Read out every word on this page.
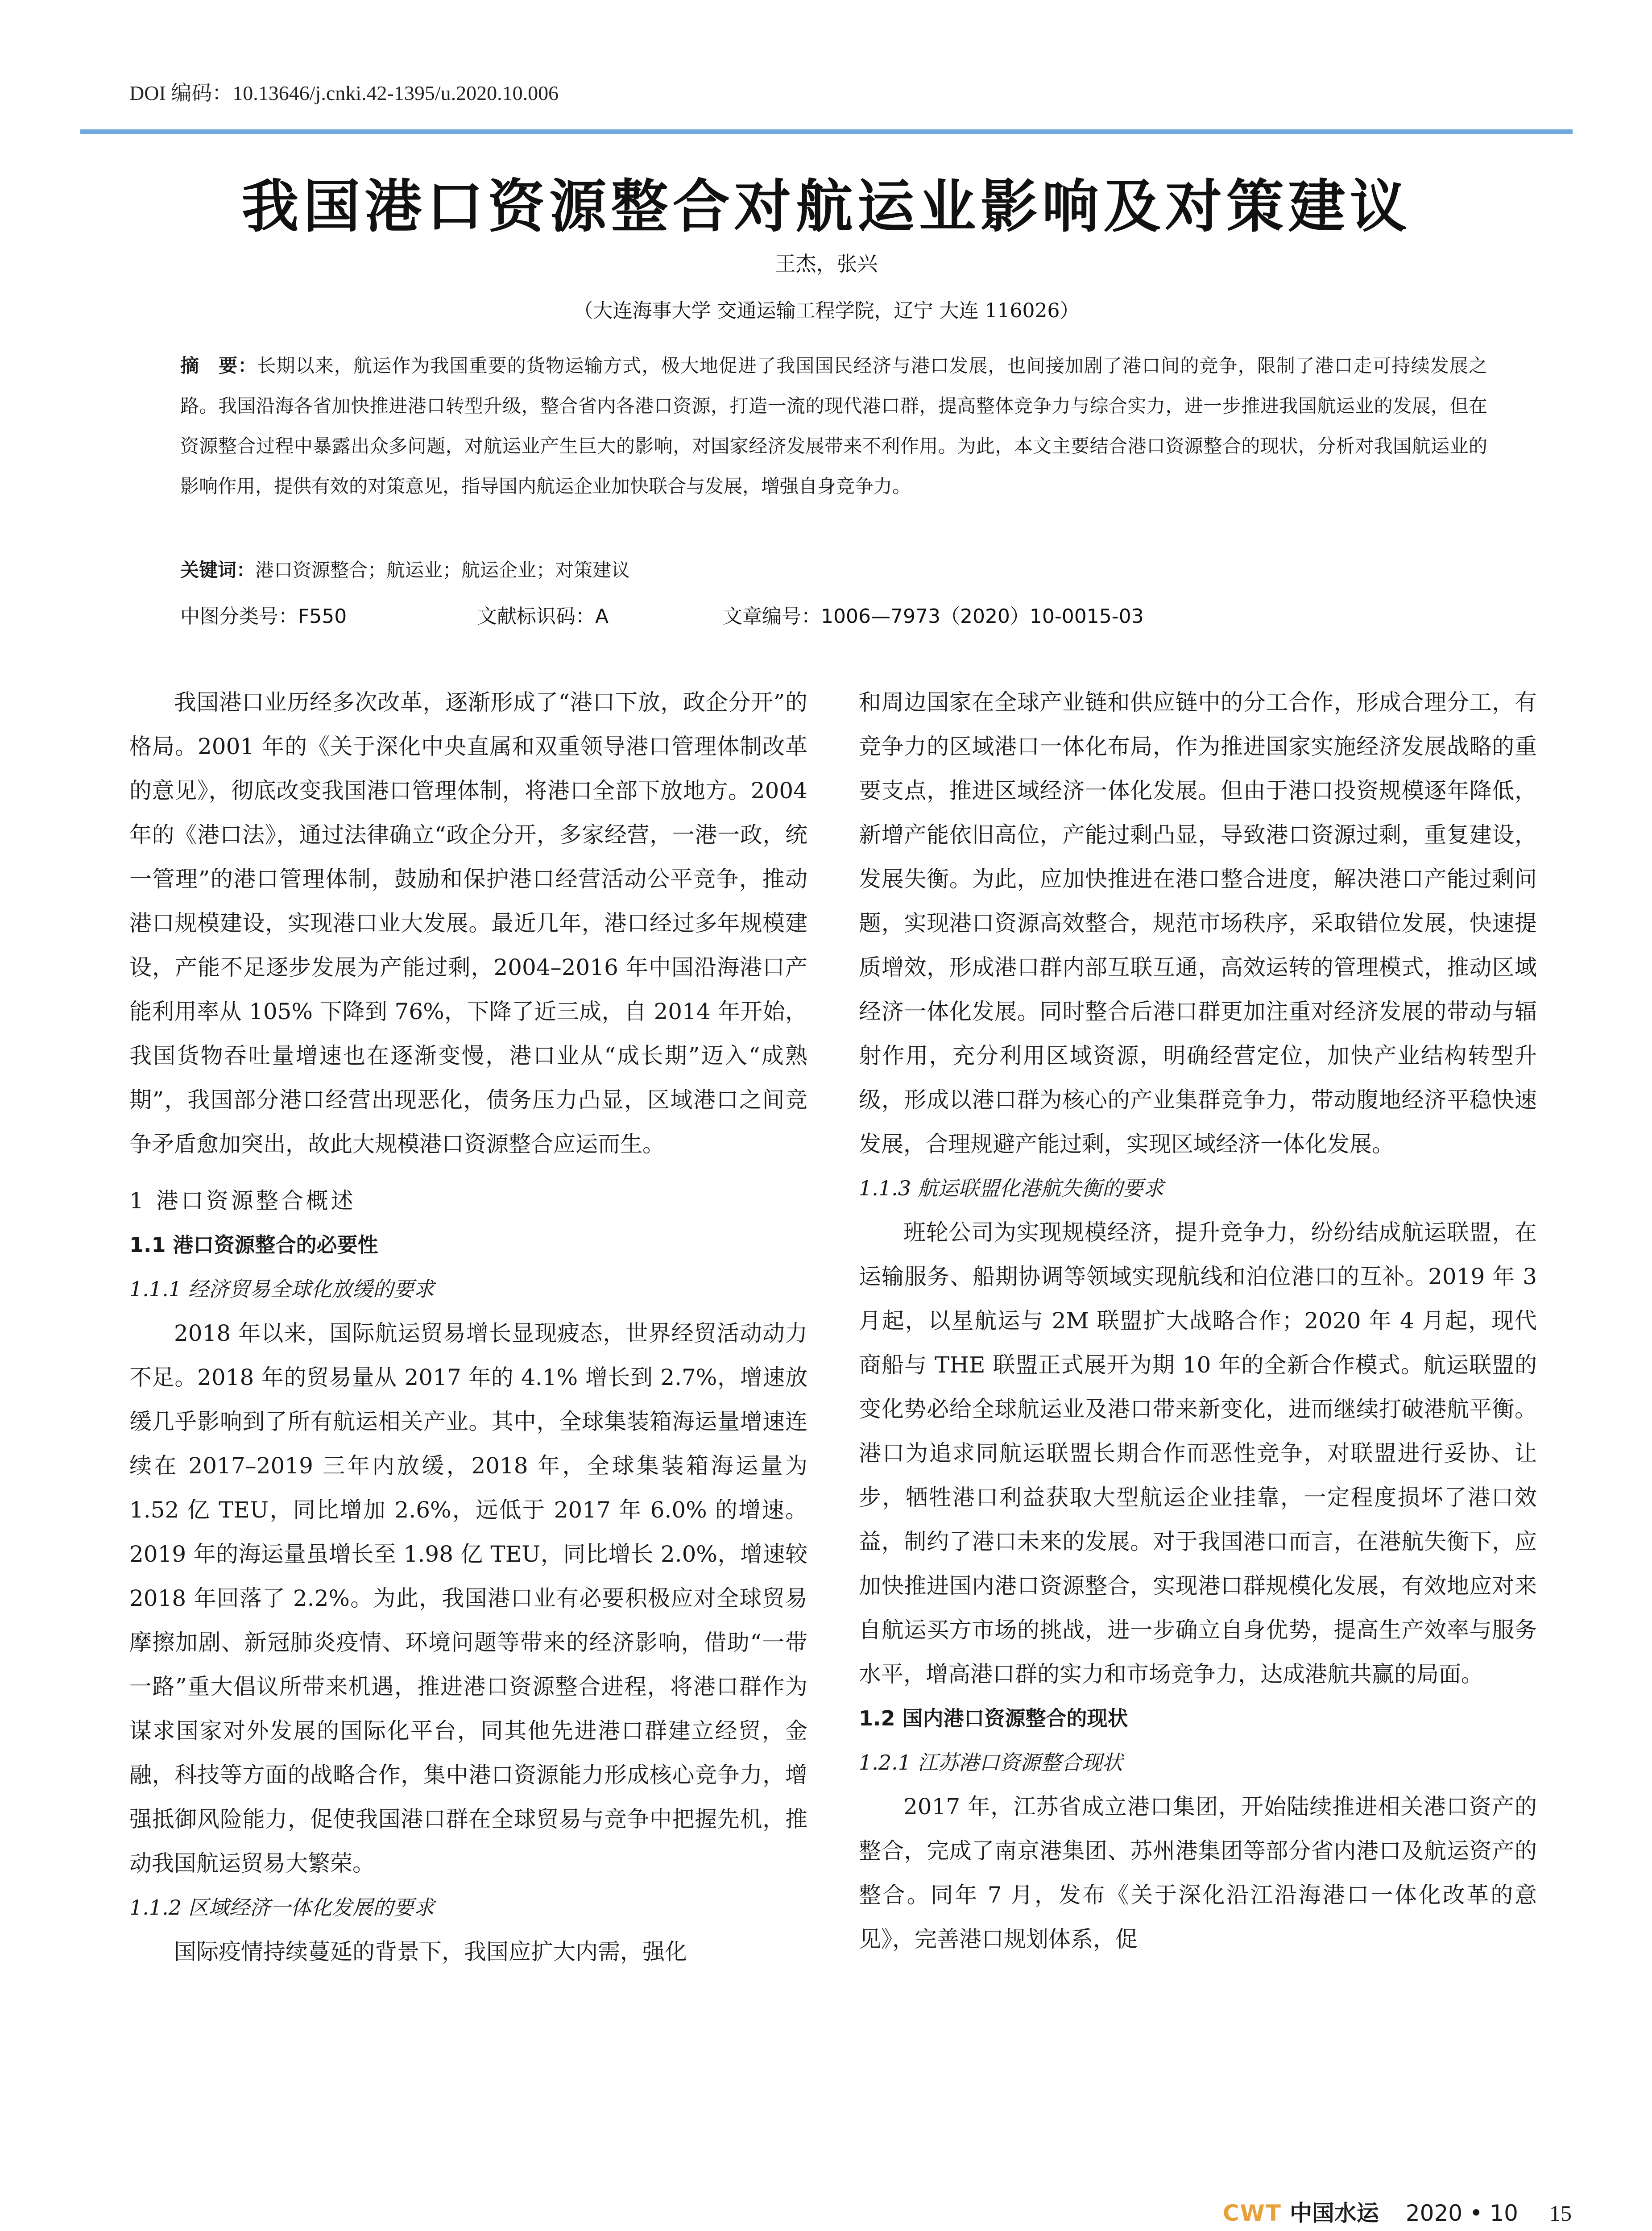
DOI 编码：10.13646/j.cnki.42-1395/u.2020.10.006
我国港口资源整合对航运业影响及对策建议
王杰，张兴
（大连海事大学 交通运输工程学院，辽宁 大连 116026）
摘　要：长期以来，航运作为我国重要的货物运输方式，极大地促进了我国国民经济与港口发展，也间接加剧了港口间的竞争，限制了港口走可持续发展之路。我国沿海各省加快推进港口转型升级，整合省内各港口资源，打造一流的现代港口群，提高整体竞争力与综合实力，进一步推进我国航运业的发展，但在资源整合过程中暴露出众多问题，对航运业产生巨大的影响，对国家经济发展带来不利作用。为此，本文主要结合港口资源整合的现状，分析对我国航运业的影响作用，提供有效的对策意见，指导国内航运企业加快联合与发展，增强自身竞争力。
关键词：港口资源整合；航运业；航运企业；对策建议
中图分类号：F550	文献标识码：A	文章编号：1006—7973（2020）10-0015-03

我国港口业历经多次改革，逐渐形成了“港口下放，政企分开”的格局。2001 年的《关于深化中央直属和双重领导港口管理体制改革的意见》，彻底改变我国港口管理体制，将港口全部下放地方。2004 年的《港口法》，通过法律确立“政企分开，多家经营，一港一政，统一管理”的港口管理体制，鼓励和保护港口经营活动公平竞争，推动港口规模建设，实现港口业大发展。最近几年，港口经过多年规模建设，产能不足逐步发展为产能过剩，2004–2016 年中国沿海港口产能利用率从 105% 下降到 76%，下降了近三成，自 2014 年开始，我国货物吞吐量增速也在逐渐变慢，港口业从“成长期”迈入“成熟期”，我国部分港口经营出现恶化，债务压力凸显，区域港口之间竞争矛盾愈加突出，故此大规模港口资源整合应运而生。

1 港口资源整合概述

1.1 港口资源整合的必要性

1.1.1 经济贸易全球化放缓的要求

2018 年以来，国际航运贸易增长显现疲态，世界经贸活动动力不足。2018 年的贸易量从 2017 年的 4.1% 增长到 2.7%，增速放缓几乎影响到了所有航运相关产业。其中，全球集装箱海运量增速连续在 2017–2019 三年内放缓，2018 年，全球集装箱海运量为 1.52 亿 TEU，同比增加 2.6%，远低于 2017 年 6.0% 的增速。2019 年的海运量虽增长至 1.98 亿 TEU，同比增长 2.0%，增速较 2018 年回落了 2.2%。为此，我国港口业有必要积极应对全球贸易摩擦加剧、新冠肺炎疫情、环境问题等带来的经济影响，借助“一带一路”重大倡议所带来机遇，推进港口资源整合进程，将港口群作为谋求国家对外发展的国际化平台，同其他先进港口群建立经贸，金融，科技等方面的战略合作，集中港口资源能力形成核心竞争力，增强抵御风险能力，促使我国港口群在全球贸易与竞争中把握先机，推动我国航运贸易大繁荣。

1.1.2 区域经济一体化发展的要求

国际疫情持续蔓延的背景下，我国应扩大内需，强化

和周边国家在全球产业链和供应链中的分工合作，形成合理分工，有竞争力的区域港口一体化布局，作为推进国家实施经济发展战略的重要支点，推进区域经济一体化发展。但由于港口投资规模逐年降低，新增产能依旧高位，产能过剩凸显，导致港口资源过剩，重复建设，发展失衡。为此，应加快推进在港口整合进度，解决港口产能过剩问题，实现港口资源高效整合，规范市场秩序，采取错位发展，快速提质增效，形成港口群内部互联互通，高效运转的管理模式，推动区域经济一体化发展。同时整合后港口群更加注重对经济发展的带动与辐射作用，充分利用区域资源，明确经营定位，加快产业结构转型升级，形成以港口群为核心的产业集群竞争力，带动腹地经济平稳快速发展，合理规避产能过剩，实现区域经济一体化发展。

1.1.3 航运联盟化港航失衡的要求

班轮公司为实现规模经济，提升竞争力，纷纷结成航运联盟，在运输服务、船期协调等领域实现航线和泊位港口的互补。2019 年 3 月起，以星航运与 2M 联盟扩大战略合作；2020 年 4 月起，现代商船与 THE 联盟正式展开为期 10 年的全新合作模式。航运联盟的变化势必给全球航运业及港口带来新变化，进而继续打破港航平衡。港口为追求同航运联盟长期合作而恶性竞争，对联盟进行妥协、让步，牺牲港口利益获取大型航运企业挂靠，一定程度损坏了港口效益，制约了港口未来的发展。对于我国港口而言，在港航失衡下，应加快推进国内港口资源整合，实现港口群规模化发展，有效地应对来自航运买方市场的挑战，进一步确立自身优势，提高生产效率与服务水平，增高港口群的实力和市场竞争力，达成港航共赢的局面。

1.2 国内港口资源整合的现状

1.2.1 江苏港口资源整合现状

2017 年，江苏省成立港口集团，开始陆续推进相关港口资产的整合，完成了南京港集团、苏州港集团等部分省内港口及航运资产的整合。同年 7 月，发布《关于深化沿江沿海港口一体化改革的意见》，完善港口规划体系，促

CWT 中国水运 2020 • 10 15
